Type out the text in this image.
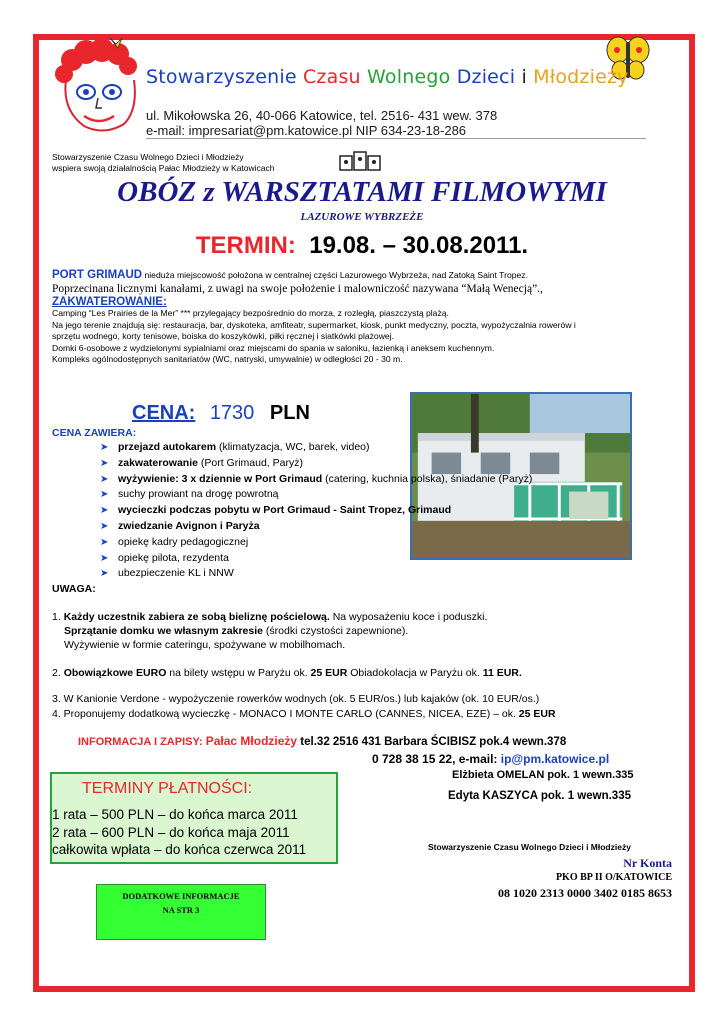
Stowarzyszenie Czasu Wolnego Dzieci i Młodzieży
ul. Mikołowska 26, 40-066 Katowice, tel. 2516- 431 wew. 378
e-mail: impresariat@pm.katowice.pl NIP 634-23-18-286
Stowarzyszenie Czasu Wolnego Dzieci i Młodzieży
wspiera swoją działalnością Pałac Młodzieży w Katowicach
OBÓZ z WARSZTATAMI FILMOWYMI
LAZUROWE WYBRZEŻE
TERMIN: 19.08. – 30.08.2011.
PORT GRIMAUD nieduża miejscowość położona w centralnej części Lazurowego Wybrzeża, nad Zatoką Saint Tropez.
Poprzecinana licznymi kanałami, z uwagi na swoje położenie i malowniczość nazywana “Małą Wenecją”.,
ZAKWATEROWANIE:
Camping “Les Prairies de la Mer” *** przylegający bezpośrednio do morza, z rozległą, piaszczystą plażą.
Na jego terenie znajdują się: restauracja, bar, dyskoteka, amfiteatr, supermarket, kiosk, punkt medyczny, poczta, wypożyczalnia rowerów i
sprzętu wodnego, korty tenisowe, boiska do koszykówki, piłki ręcznej i siatkówki plażowej.
Domki 6-osobowe z wydzielonymi sypialniami oraz miejscami do spania w saloniku, łazienką i aneksem kuchennym.
Kompleks ogólnodostępnych sanitariatów (WC, natryski, umywalnie) w odległości 20 - 30 m.
CENA: 1730 PLN
CENA ZAWIERA:
➤ przejazd autokarem (klimatyzacja, WC, barek, video)
➤ zakwaterowanie (Port Grimaud, Paryż)
➤ wyżywienie: 3 x dziennie w Port Grimaud (catering, kuchnia polska), śniadanie (Paryż)
➤ suchy prowiant na drogę powrotną
➤ wycieczki podczas pobytu w Port Grimaud - Saint Tropez, Grimaud
➤ zwiedzanie Avignon i Paryża
➤ opiekę kadry pedagogicznej
➤ opiekę pilota, rezydenta
➤ ubezpieczenie KL i NNW
UWAGA:
1. Każdy uczestnik zabiera ze sobą bieliznę pościelową. Na wyposażeniu koce i poduszki.
Sprzątanie domku we własnym zakresie (środki czystości zapewnione).
Wyżywienie w formie cateringu, spożywane w mobilhomach.
2. Obowiązkowe EURO na bilety wstępu w Paryżu ok. 25 EUR Obiadokolacja w Paryżu ok. 11 EUR.
3. W Kanionie Verdone - wypożyczenie rowerków wodnych (ok. 5 EUR/os.) lub kajaków (ok. 10 EUR/os.)
4. Proponujemy dodatkową wycieczkę - MONACO I MONTE CARLO (CANNES, NICEA, EZE) – ok. 25 EUR
INFORMACJA I ZAPISY: Pałac Młodzieży tel.32 2516 431 Barbara ŚCIBISZ pok.4 wewn.378
0 728 38 15 22, e-mail: ip@pm.katowice.pl
Elżbieta OMELAN pok. 1 wewn.335
Edyta KASZYCA pok. 1 wewn.335
TERMINY PŁATNOŚCI:
1 rata – 500 PLN – do końca marca 2011
2 rata – 600 PLN – do końca maja 2011
całkowita wpłata – do końca czerwca 2011	Stowarzyszenie Czasu Wolnego Dzieci i Młodzieży
Nr Konta
PKO BP II O/KATOWICE
08 1020 2313 0000 3402 0185 8653
DODATKOWE INFORMACJE
NA STR 3
